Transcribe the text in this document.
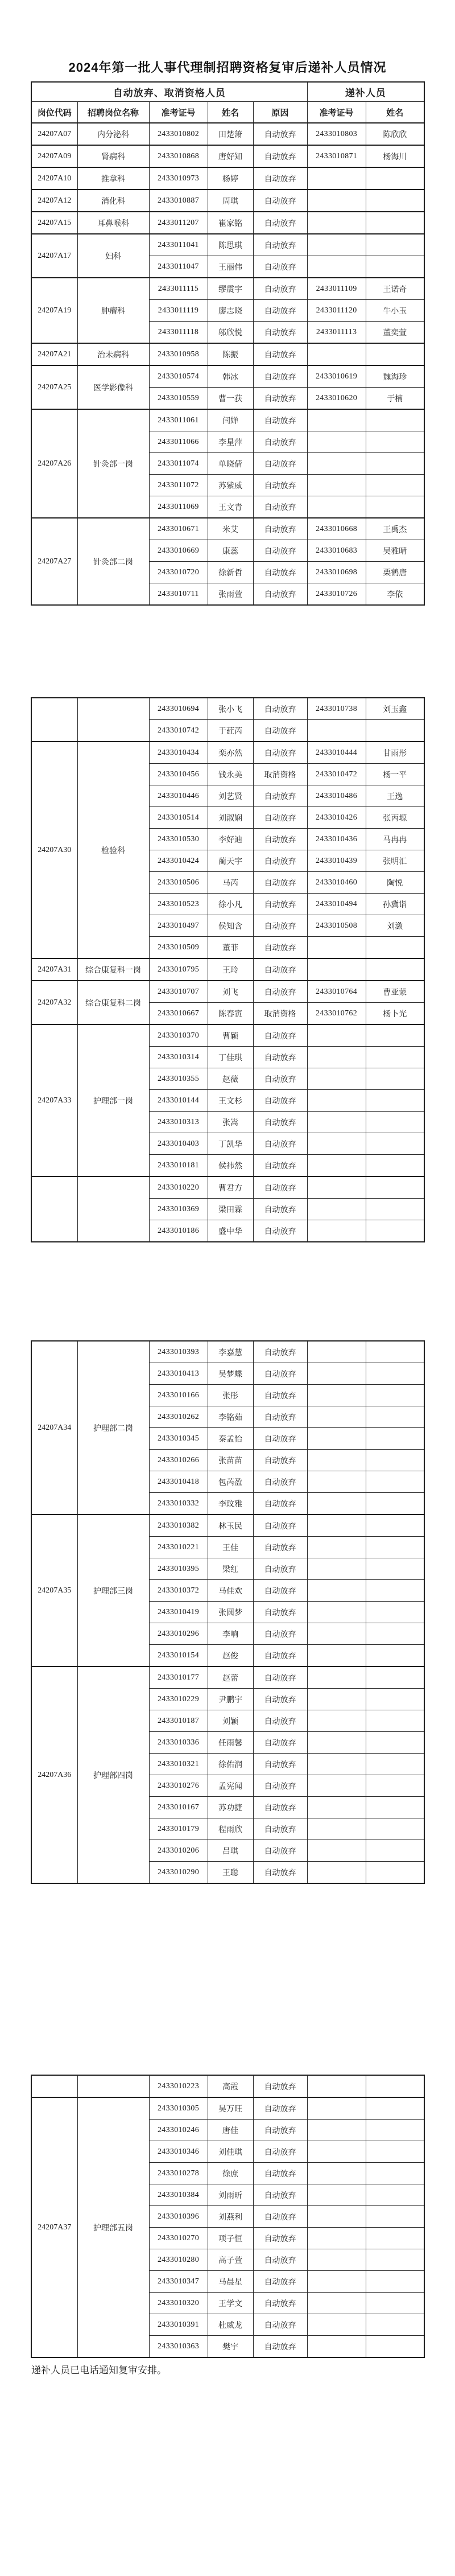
2024年第一批人事代理制招聘资格复审后递补人员情况
自动放弃、取消资格人员					递补人员	
岗位代码	招聘岗位名称	准考证号	姓名	原因	准考证号	姓名
24207A07	内分泌科	2433010802	田楚箫	自动放弃	2433010803	陈欣欣
24207A09	肾病科	2433010868	唐好知	自动放弃	2433010871	杨海川
24207A10	推拿科	2433010973	杨婷	自动放弃		
24207A12	消化科	2433010887	周琪	自动放弃		
24207A15	耳鼻喉科	2433011207	崔家铭	自动放弃		
24207A17	妇科	2433011041	陈思琪	自动放弃		
		2433011047	王丽伟	自动放弃		
24207A19	肿瘤科	2433011115	缪震宇	自动放弃	2433011109	王诺奇
		2433011119	廖志晓	自动放弃	2433011120	牛小玉
		2433011118	邬欣悦	自动放弃	2433011113	董奕萱
24207A21	治未病科	2433010958	陈振	自动放弃		
24207A25	医学影像科	2433010574	韩冰	自动放弃	2433010619	魏海珍
		2433010559	曹一获	自动放弃	2433010620	于楠
24207A26	针灸部一岗	2433011061	闫婵	自动放弃		
		2433011066	李星萍	自动放弃		
		2433011074	单晓倩	自动放弃		
		2433011072	苏紫威	自动放弃		
		2433011069	王文青	自动放弃		
24207A27	针灸部二岗	2433010671	米艾	自动放弃	2433010668	王禹杰
		2433010669	康蕊	自动放弃	2433010683	吴雅晴
		2433010720	徐新哲	自动放弃	2433010698	栗鹤唐
		2433010711	张雨萱	自动放弃	2433010726	李依
		2433010694	张小飞	自动放弃	2433010738	刘玉鑫
		2433010742	于荭芮	自动放弃		
24207A30	检验科	2433010434	栾亦然	自动放弃	2433010444	甘雨彤
		2433010456	钱永美	取消资格	2433010472	杨一平
		2433010446	刘艺贤	自动放弃	2433010486	王逸
		2433010514	刘淑娴	自动放弃	2433010426	张丙塬
		2433010530	李好迪	自动放弃	2433010436	马冉冉
		2433010424	蔺天宇	自动放弃	2433010439	张明汇
		2433010506	马芮	自动放弃	2433010460	陶悦
		2433010523	徐小凡	自动放弃	2433010494	孙冀诣
		2433010497	侯知含	自动放弃	2433010508	刘潋
		2433010509	董菲	自动放弃		
24207A31	综合康复科一岗	2433010795	王玲	自动放弃		
24207A32	综合康复科二岗	2433010707	刘飞	自动放弃	2433010764	曹亚蒙
		2433010667	陈春寅	取消资格	2433010762	杨卜光
24207A33	护理部一岗	2433010370	曹颖	自动放弃		
		2433010314	丁佳琪	自动放弃		
		2433010355	赵薇	自动放弃		
		2433010144	王文杉	自动放弃		
		2433010313	张嵩	自动放弃		
		2433010403	丁凯华	自动放弃		
		2433010181	侯祎然	自动放弃		
		2433010220	曹君方	自动放弃		
		2433010369	梁田霖	自动放弃		
		2433010186	盛中华	自动放弃		
24207A34	护理部二岗	2433010393	李嘉慧	自动放弃		
		2433010413	吴梦蝶	自动放弃		
		2433010166	张彤	自动放弃		
		2433010262	李铭茹	自动放弃		
		2433010345	秦孟怡	自动放弃		
		2433010266	张苗苗	自动放弃		
		2433010418	包芮盈	自动放弃		
		2433010332	李玟雅	自动放弃		
24207A35	护理部三岗	2433010382	林玉民	自动放弃		
		2433010221	王佳	自动放弃		
		2433010395	梁红	自动放弃		
		2433010372	马佳欢	自动放弃		
		2433010419	张圆梦	自动放弃		
		2433010296	李响	自动放弃		
		2433010154	赵俊	自动放弃		
24207A36	护理部四岗	2433010177	赵蕾	自动放弃		
		2433010229	尹鹏宇	自动放弃		
		2433010187	刘颖	自动放弃		
		2433010336	任雨馨	自动放弃		
		2433010321	徐佑润	自动放弃		
		2433010276	孟宪闻	自动放弃		
		2433010167	苏功捷	自动放弃		
		2433010179	程雨欣	自动放弃		
		2433010206	吕琪	自动放弃		
		2433010290	王聪	自动放弃		
		2433010223	高霞	自动放弃		
24207A37	护理部五岗	2433010305	吴万旺	自动放弃		
		2433010246	唐佳	自动放弃		
		2433010346	刘佳琪	自动放弃		
		2433010278	徐庶	自动放弃		
		2433010384	刘雨昕	自动放弃		
		2433010396	刘燕利	自动放弃		
		2433010270	项子恒	自动放弃		
		2433010280	高子萱	自动放弃		
		2433010347	马晨星	自动放弃		
		2433010320	王学文	自动放弃		
		2433010391	杜威龙	自动放弃		
		2433010363	樊宇	自动放弃		

递补人员已电话通知复审安排。
